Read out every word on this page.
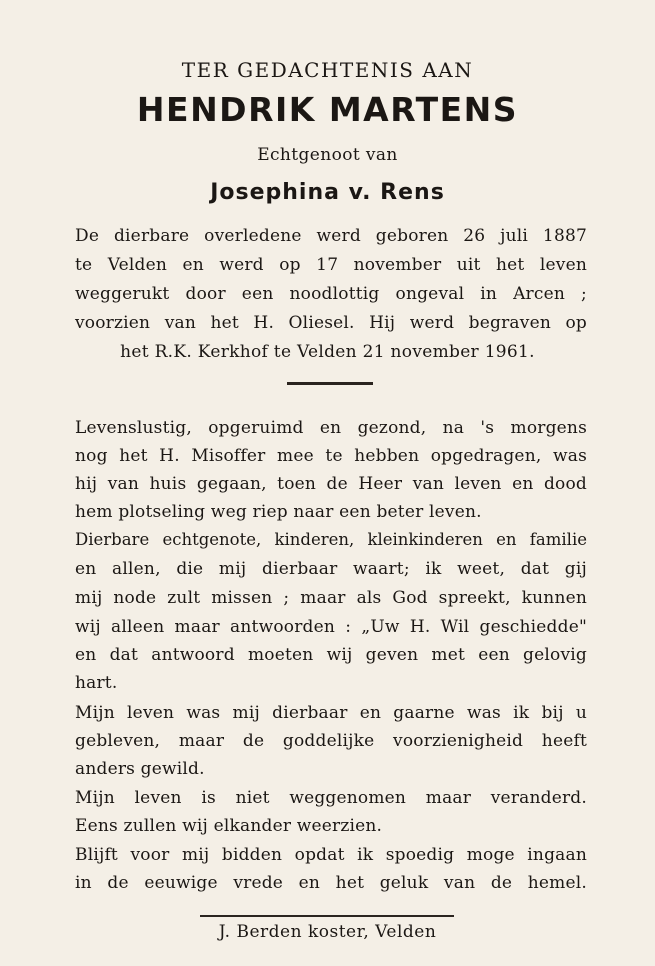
TER GEDACHTENIS AAN
HENDRIK MARTENS
Echtgenoot van
Josephina v. Rens
De dierbare overledene werd geboren 26 juli 1887
te Velden en werd op 17 november uit het leven
weggerukt door een noodlottig ongeval in Arcen ;
voorzien van het H. Oliesel. Hij werd begraven op
het R.K. Kerkhof te Velden 21 november 1961.
Levenslustig, opgeruimd en gezond, na 's morgens
nog het H. Misoffer mee te hebben opgedragen, was
hij van huis gegaan, toen de Heer van leven en dood
hem plotseling weg riep naar een beter leven.
Dierbare echtgenote, kinderen, kleinkinderen en familie
en allen, die mij dierbaar waart; ik weet, dat gij
mij node zult missen ; maar als God spreekt, kunnen
wij alleen maar antwoorden : „Uw H. Wil geschiedde"
en dat antwoord moeten wij geven met een gelovig
hart.
Mijn leven was mij dierbaar en gaarne was ik bij u
gebleven, maar de goddelijke voorzienigheid heeft
anders gewild.
Mijn leven is niet weggenomen maar veranderd.
Eens zullen wij elkander weerzien.
Blijft voor mij bidden opdat ik spoedig moge ingaan
in de eeuwige vrede en het geluk van de hemel.
J. Berden koster, Velden
